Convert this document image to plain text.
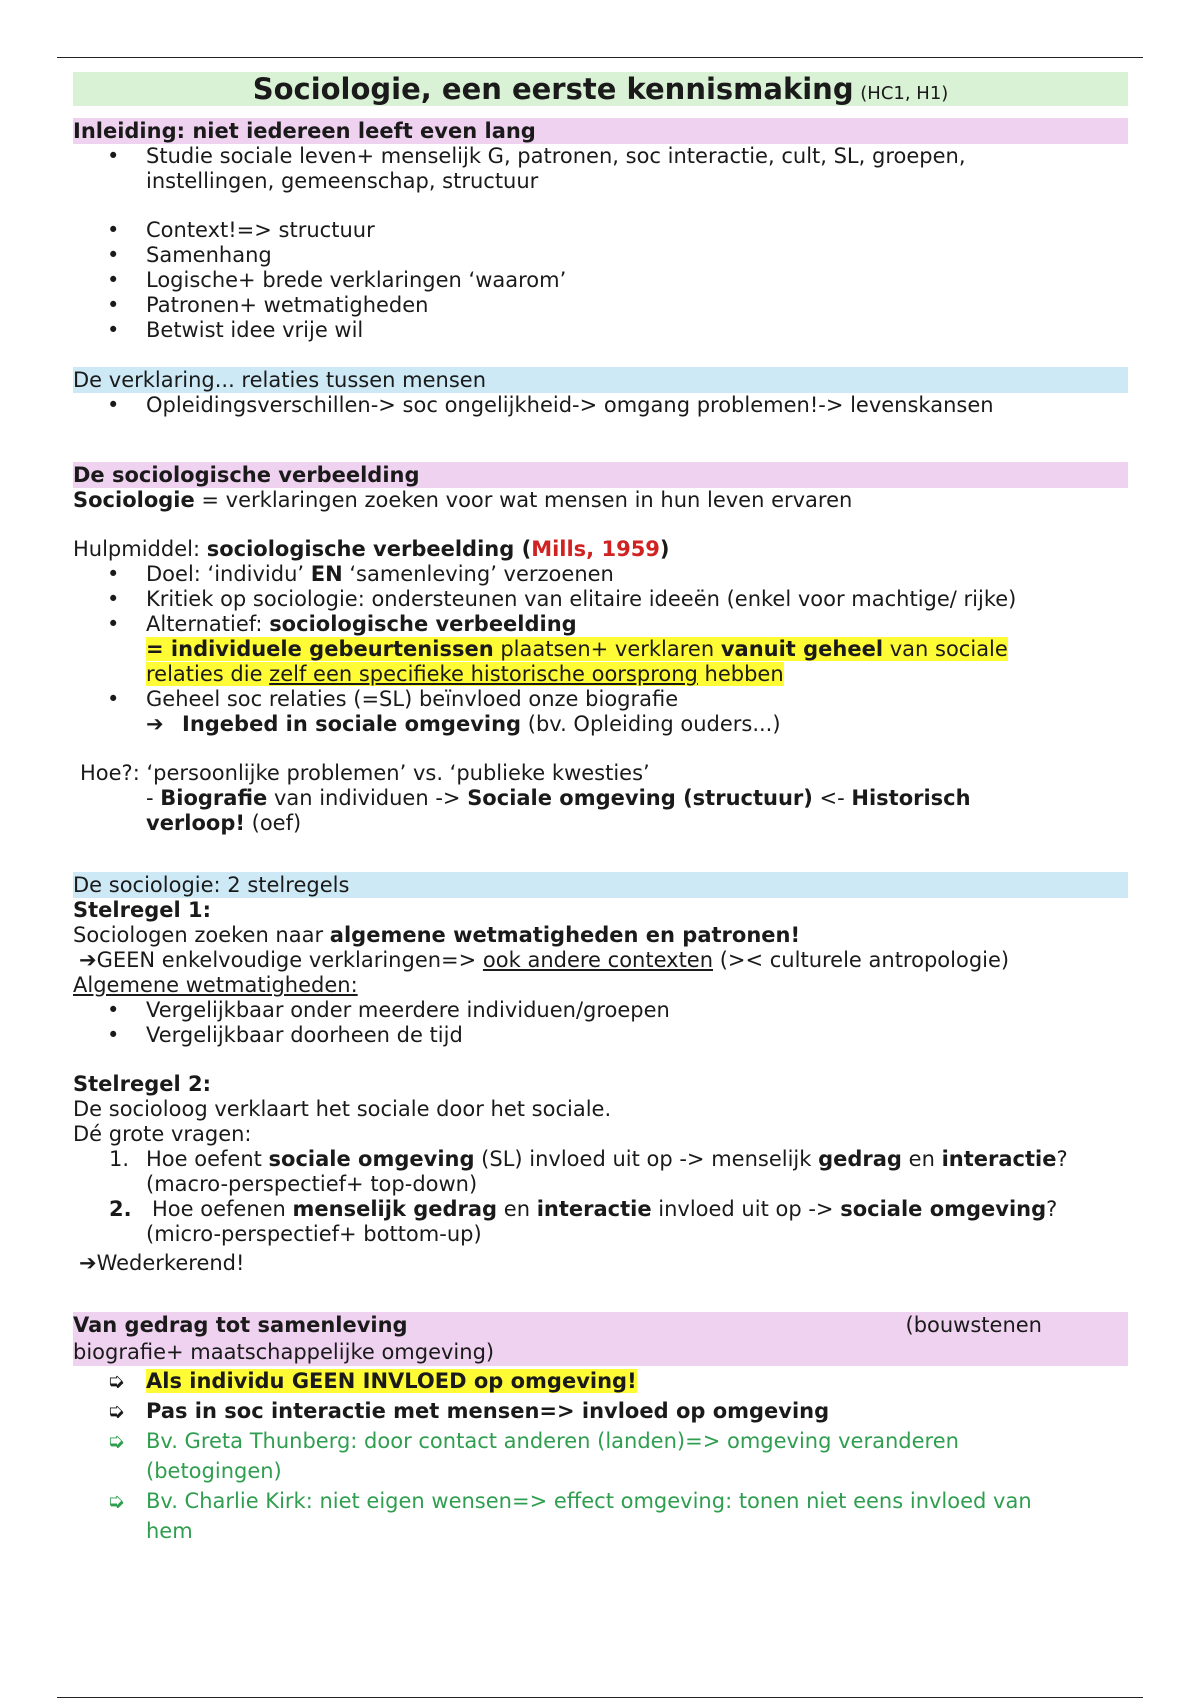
Sociologie, een eerste kennismaking (HC1, H1)
Inleiding: niet iedereen leeft even lang
• Studie sociale leven+ menselijk G, patronen, soc interactie, cult, SL, groepen,
instellingen, gemeenschap, structuur
• Context!=> structuur
• Samenhang
• Logische+ brede verklaringen ‘waarom’
• Patronen+ wetmatigheden
• Betwist idee vrije wil
De verklaring... relaties tussen mensen
• Opleidingsverschillen-> soc ongelijkheid-> omgang problemen!-> levenskansen
De sociologische verbeelding
Sociologie = verklaringen zoeken voor wat mensen in hun leven ervaren
Hulpmiddel: sociologische verbeelding (Mills, 1959)
• Doel: ‘individu’ EN ‘samenleving’ verzoenen
• Kritiek op sociologie: ondersteunen van elitaire ideeën (enkel voor machtige/ rijke)
• Alternatief: sociologische verbeelding
= individuele gebeurtenissen plaatsen+ verklaren vanuit geheel van sociale
relaties die zelf een specifieke historische oorsprong hebben
• Geheel soc relaties (=SL) beïnvloed onze biografie
➔ Ingebed in sociale omgeving (bv. Opleiding ouders...)
Hoe?: ‘persoonlijke problemen’ vs. ‘publieke kwesties’
- Biografie van individuen -> Sociale omgeving (structuur) <- Historisch
verloop! (oef)
De sociologie: 2 stelregels
Stelregel 1:
Sociologen zoeken naar algemene wetmatigheden en patronen!
➔GEEN enkelvoudige verklaringen=> ook andere contexten (>< culturele antropologie)
Algemene wetmatigheden:
• Vergelijkbaar onder meerdere individuen/groepen
• Vergelijkbaar doorheen de tijd
Stelregel 2:
De socioloog verklaart het sociale door het sociale.
Dé grote vragen:
1. Hoe oefent sociale omgeving (SL) invloed uit op -> menselijk gedrag en interactie?
(macro-perspectief+ top-down)
2. Hoe oefenen menselijk gedrag en interactie invloed uit op -> sociale omgeving?
(micro-perspectief+ bottom-up)
➔Wederkerend!
Van gedrag tot samenleving	(bouwstenen
biografie+ maatschappelijke omgeving)
➭ Als individu GEEN INVLOED op omgeving!
➭ Pas in soc interactie met mensen=> invloed op omgeving
➭ Bv. Greta Thunberg: door contact anderen (landen)=> omgeving veranderen
(betogingen)
➭ Bv. Charlie Kirk: niet eigen wensen=> effect omgeving: tonen niet eens invloed van
hem
